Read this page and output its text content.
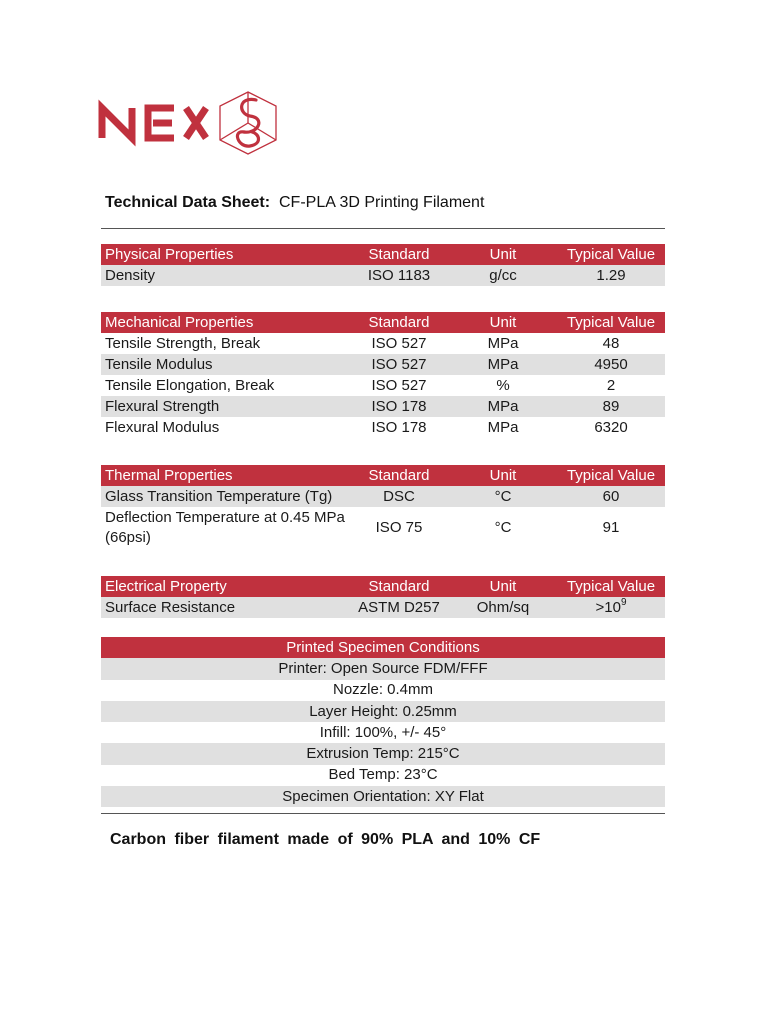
Technical Data Sheet: CF-PLA 3D Printing Filament
Physical Properties	Standard	Unit	Typical Value
Density	ISO 1183	g/cc	1.29
Mechanical Properties	Standard	Unit	Typical Value
Tensile Strength, Break	ISO 527	MPa	48
Tensile Modulus	ISO 527	MPa	4950
Tensile Elongation, Break	ISO 527	%	2
Flexural Strength	ISO 178	MPa	89
Flexural Modulus	ISO 178	MPa	6320
Thermal Properties	Standard	Unit	Typical Value
Glass Transition Temperature (Tg)	DSC	°C	60
Deflection Temperature at 0.45 MPa (66psi)	ISO 75	°C	91
Electrical Property	Standard	Unit	Typical Value
Surface Resistance	ASTM D257	Ohm/sq	$>10^9$
Printed Specimen Conditions
Printer: Open Source FDM/FFF
Nozzle: 0.4mm
Layer Height: 0.25mm
Infill: 100%, +/- 45°
Extrusion Temp: 215°C
Bed Temp: 23°C
Specimen Orientation: XY Flat
Carbon fiber filament made of 90% PLA and 10% CF
